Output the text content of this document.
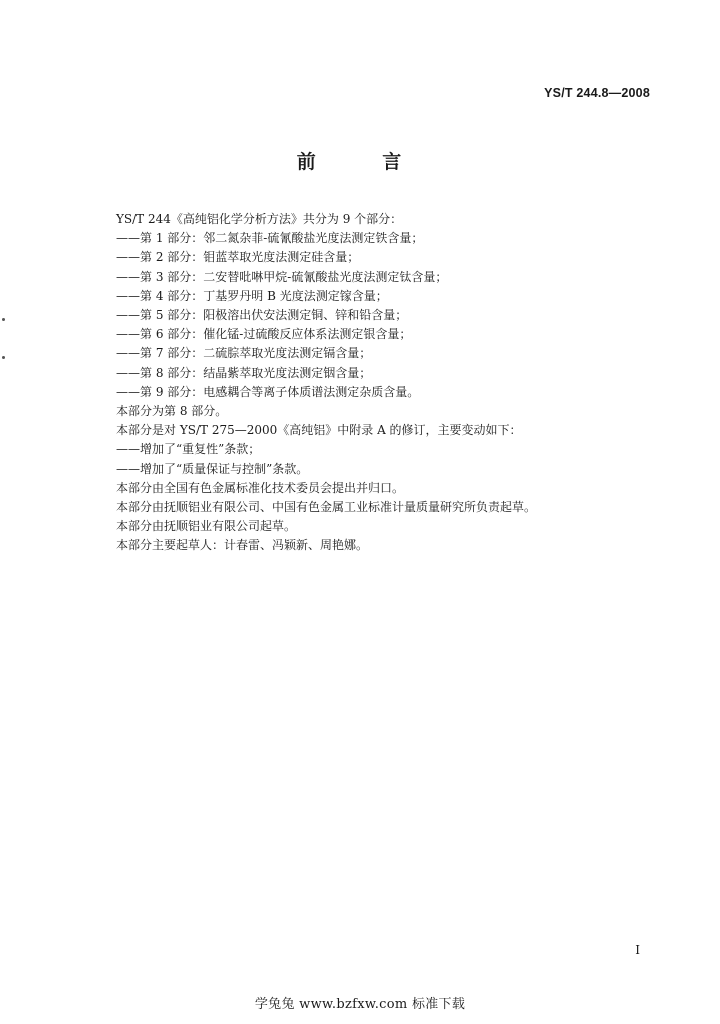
YS/T 244.8—2008
前 言
YS/T 244《高纯铝化学分析方法》共分为 9 个部分：
——第 1 部分：邻二氮杂菲-硫氰酸盐光度法测定铁含量；
——第 2 部分：钼蓝萃取光度法测定硅含量；
——第 3 部分：二安替吡啉甲烷-硫氰酸盐光度法测定钛含量；
——第 4 部分：丁基罗丹明 B 光度法测定镓含量；
——第 5 部分：阳极溶出伏安法测定铜、锌和铅含量；
——第 6 部分：催化锰-过硫酸反应体系法测定银含量；
——第 7 部分：二硫腙萃取光度法测定镉含量；
——第 8 部分：结晶紫萃取光度法测定铟含量；
——第 9 部分：电感耦合等离子体质谱法测定杂质含量。
本部分为第 8 部分。
本部分是对 YS/T 275—2000《高纯铝》中附录 A 的修订，主要变动如下：
——增加了“重复性”条款；
——增加了“质量保证与控制”条款。
本部分由全国有色金属标准化技术委员会提出并归口。
本部分由抚顺铝业有限公司、中国有色金属工业标准计量质量研究所负责起草。
本部分由抚顺铝业有限公司起草。
本部分主要起草人：计春雷、冯颖新、周艳娜。
I
学兔兔 www.bzfxw.com 标准下载
